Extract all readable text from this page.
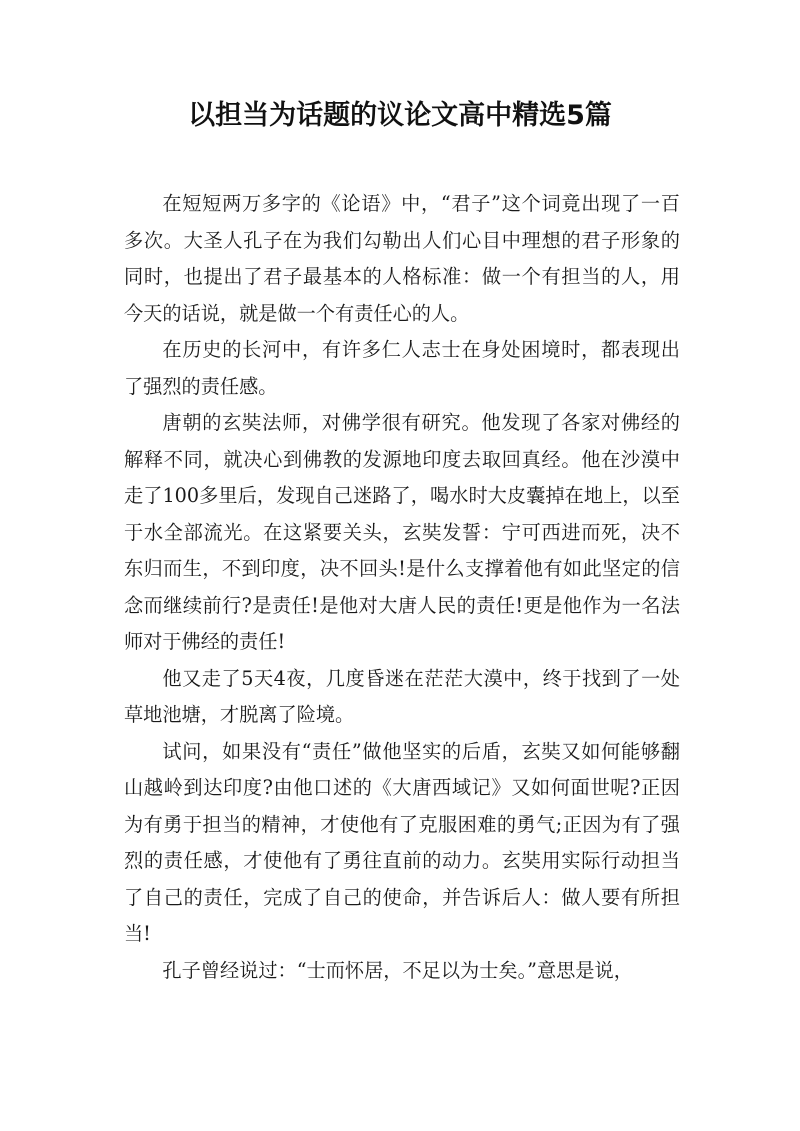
以担当为话题的议论文高中精选5篇

在短短两万多字的《论语》中，“君子”这个词竟出现了一百多次。大圣人孔子在为我们勾勒出人们心目中理想的君子形象的同时，也提出了君子最基本的人格标准：做一个有担当的人，用今天的话说，就是做一个有责任心的人。

在历史的长河中，有许多仁人志士在身处困境时，都表现出了强烈的责任感。

唐朝的玄奘法师，对佛学很有研究。他发现了各家对佛经的解释不同，就决心到佛教的发源地印度去取回真经。他在沙漠中走了100多里后，发现自己迷路了，喝水时大皮囊掉在地上，以至于水全部流光。在这紧要关头，玄奘发誓：宁可西进而死，决不东归而生，不到印度，决不回头!是什么支撑着他有如此坚定的信念而继续前行?是责任!是他对大唐人民的责任!更是他作为一名法师对于佛经的责任!

他又走了5天4夜，几度昏迷在茫茫大漠中，终于找到了一处草地池塘，才脱离了险境。

试问，如果没有“责任”做他坚实的后盾，玄奘又如何能够翻山越岭到达印度?由他口述的《大唐西域记》又如何面世呢?正因为有勇于担当的精神，才使他有了克服困难的勇气;正因为有了强烈的责任感，才使他有了勇往直前的动力。玄奘用实际行动担当了自己的责任，完成了自己的使命，并告诉后人：做人要有所担当!

孔子曾经说过：“士而怀居，不足以为士矣。”意思是说，
